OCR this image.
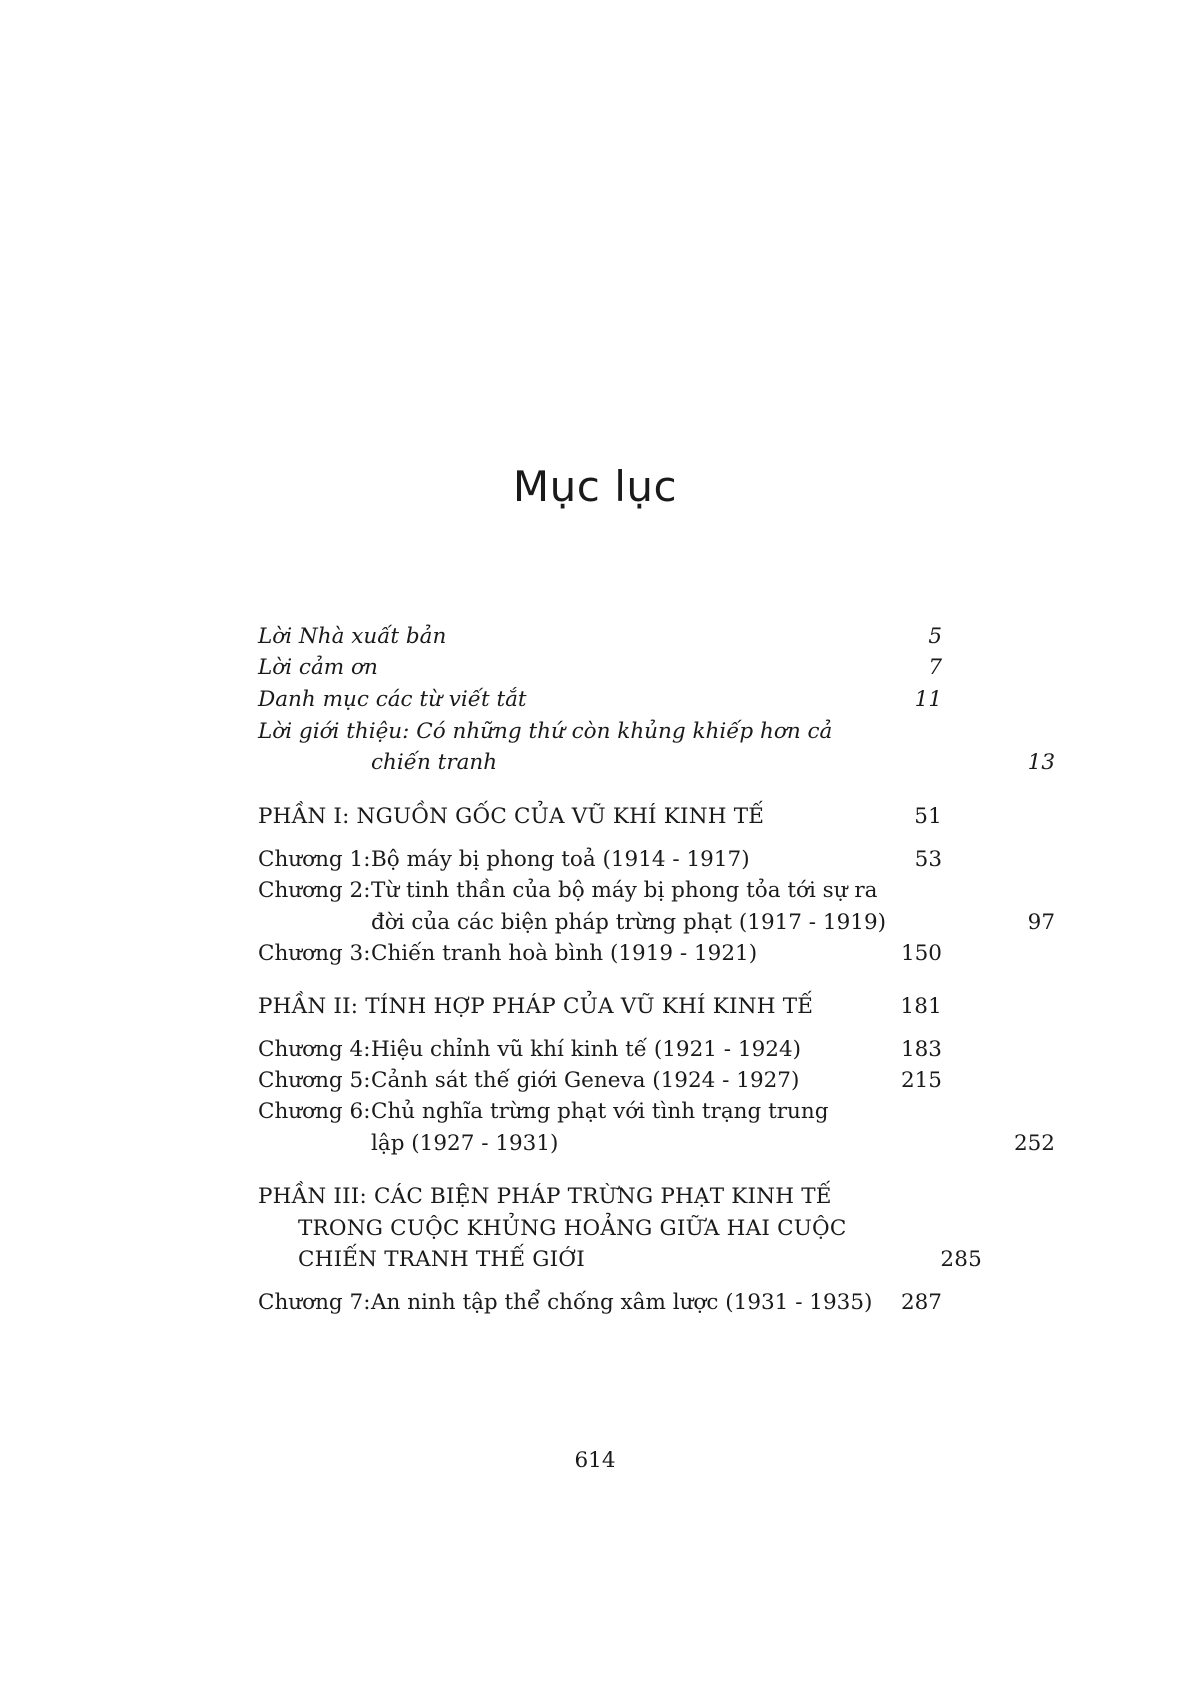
Mục lục
Lời Nhà xuất bản	5
Lời cảm ơn	7
Danh mục các từ viết tắt	11
Lời giới thiệu: Có những thứ còn khủng khiếp hơn cả
chiến tranh	13
PHẦN I: NGUỒN GỐC CỦA VŨ KHÍ KINH TẾ	51
Chương 1:Bộ máy bị phong toả (1914 - 1917)	53
Chương 2:Từ tinh thần của bộ máy bị phong tỏa tới sự ra
đời của các biện pháp trừng phạt (1917 - 1919)	97
Chương 3:Chiến tranh hoà bình (1919 - 1921)	150
PHẦN II: TÍNH HỢP PHÁP CỦA VŨ KHÍ KINH TẾ	181
Chương 4:Hiệu chỉnh vũ khí kinh tế (1921 - 1924)	183
Chương 5:Cảnh sát thế giới Geneva (1924 - 1927)	215
Chương 6:Chủ nghĩa trừng phạt với tình trạng trung
lập (1927 - 1931)	252
PHẦN III: CÁC BIỆN PHÁP TRỪNG PHẠT KINH TẾ
TRONG CUỘC KHỦNG HOẢNG GIỮA HAI CUỘC
CHIẾN TRANH THẾ GIỚI	285
Chương 7:An ninh tập thể chống xâm lược (1931 - 1935) 287
614
